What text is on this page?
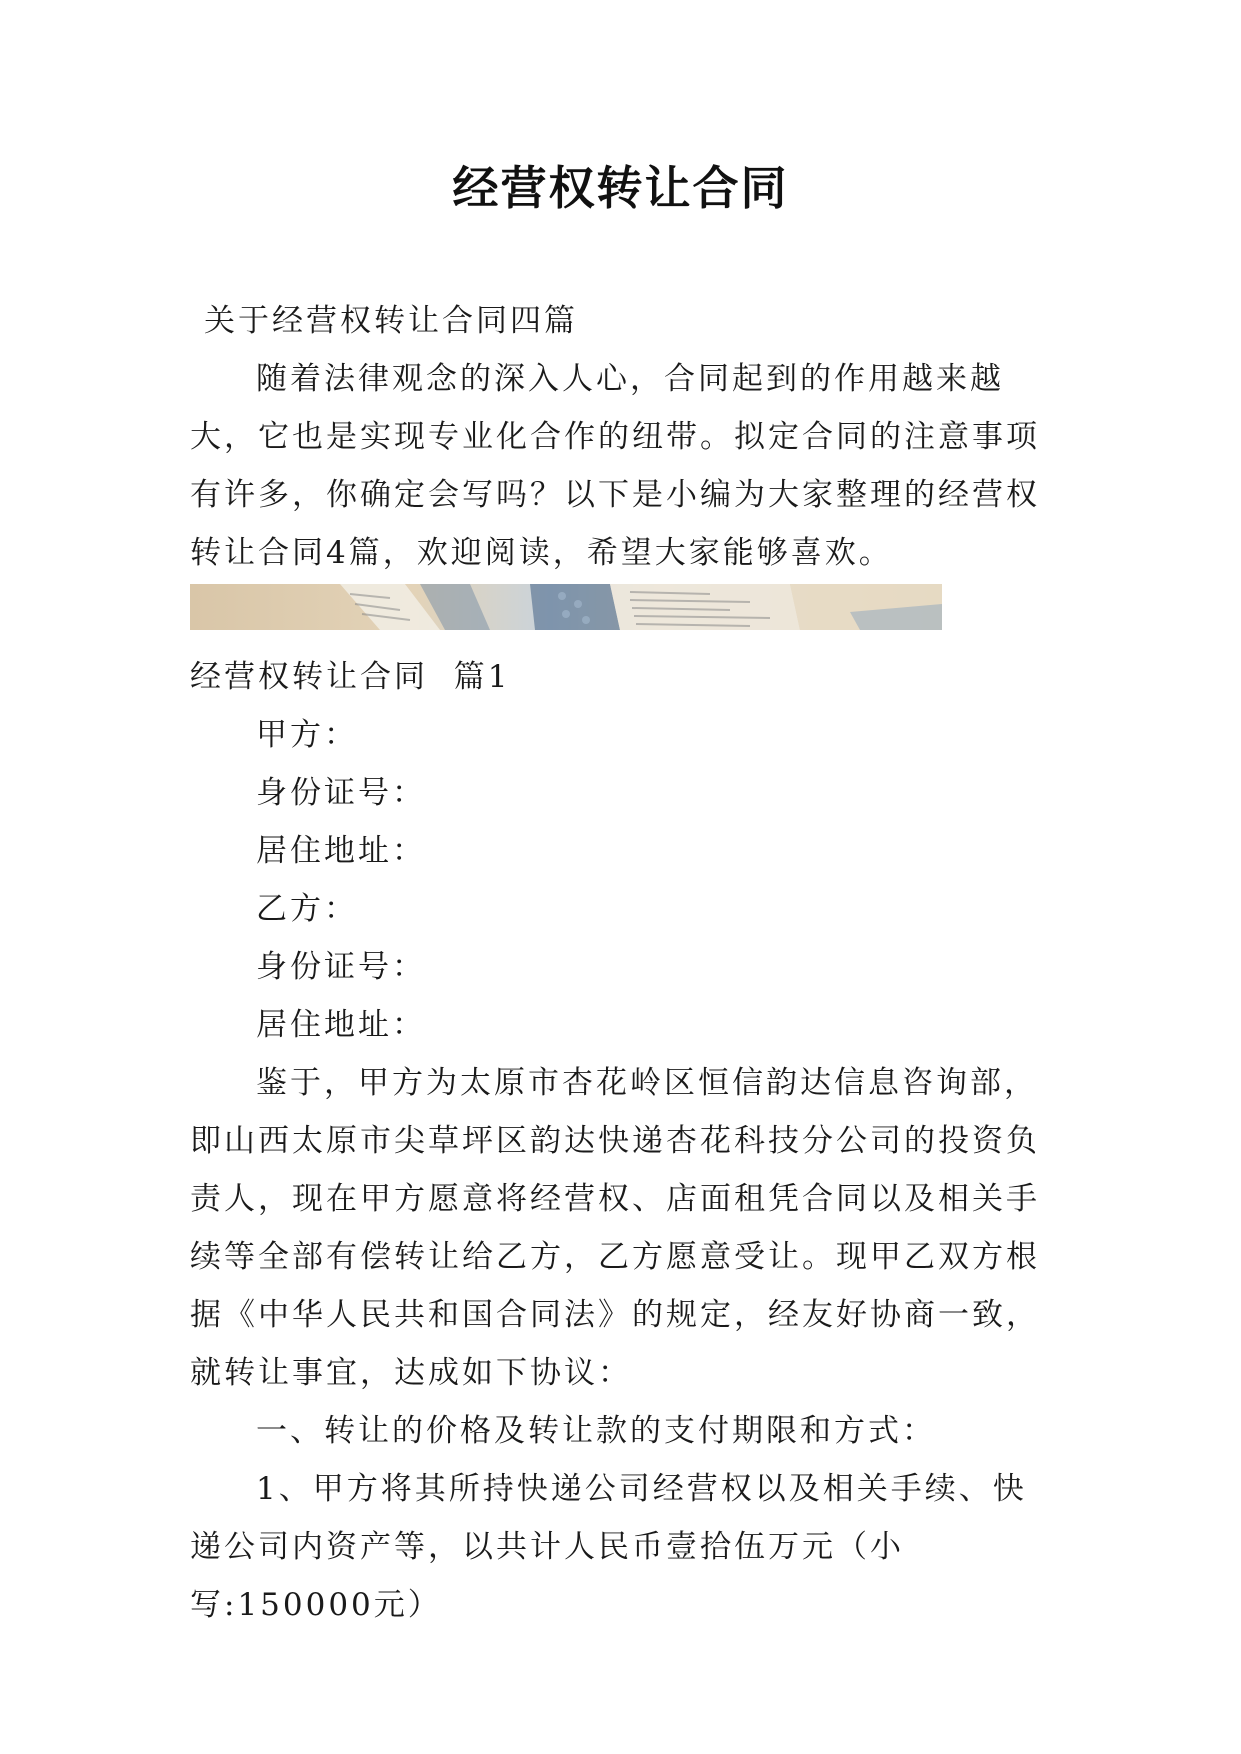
经营权转让合同

关于经营权转让合同四篇

随着法律观念的深入人心，合同起到的作用越来越大，它也是实现专业化合作的纽带。拟定合同的注意事项有许多，你确定会写吗？以下是小编为大家整理的经营权转让合同4篇，欢迎阅读，希望大家能够喜欢。

经营权转让合同  篇1

甲方：

身份证号：

居住地址：

乙方：

身份证号：

居住地址：

鉴于，甲方为太原市杏花岭区恒信韵达信息咨询部，即山西太原市尖草坪区韵达快递杏花科技分公司的投资负责人，现在甲方愿意将经营权、店面租凭合同以及相关手续等全部有偿转让给乙方，乙方愿意受让。现甲乙双方根据《中华人民共和国合同法》的规定，经友好协商一致，就转让事宜，达成如下协议：

一、转让的价格及转让款的支付期限和方式：

1、甲方将其所持快递公司经营权以及相关手续、快递公司内资产等，以共计人民币壹拾伍万元（小写:150000元）
